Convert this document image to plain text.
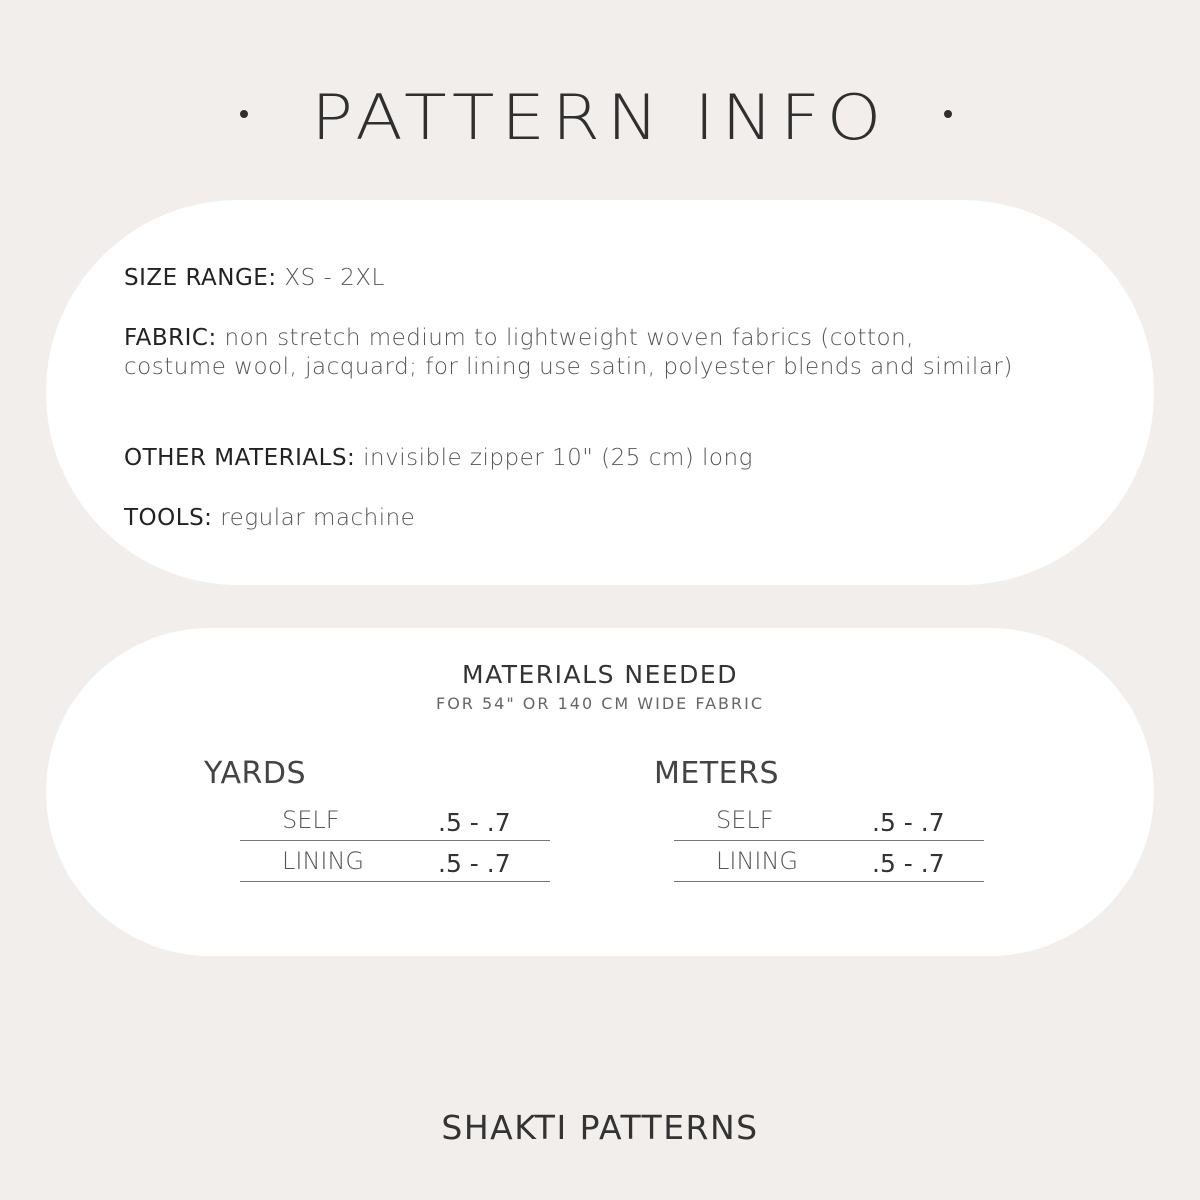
PATTERN INFO
SIZE RANGE: XS - 2XL
FABRIC: non stretch medium to lightweight woven fabrics (cotton, costume wool, jacquard; for lining use satin, polyester blends and similar)
OTHER MATERIALS: invisible zipper 10" (25 cm) long
TOOLS: regular machine
MATERIALS NEEDED
FOR 54" OR 140 CM WIDE FABRIC
YARDS
SELF	.5 - .7
LINING	.5 - .7
METERS
SELF	.5 - .7
LINING	.5 - .7
SHAKTI PATTERNS
